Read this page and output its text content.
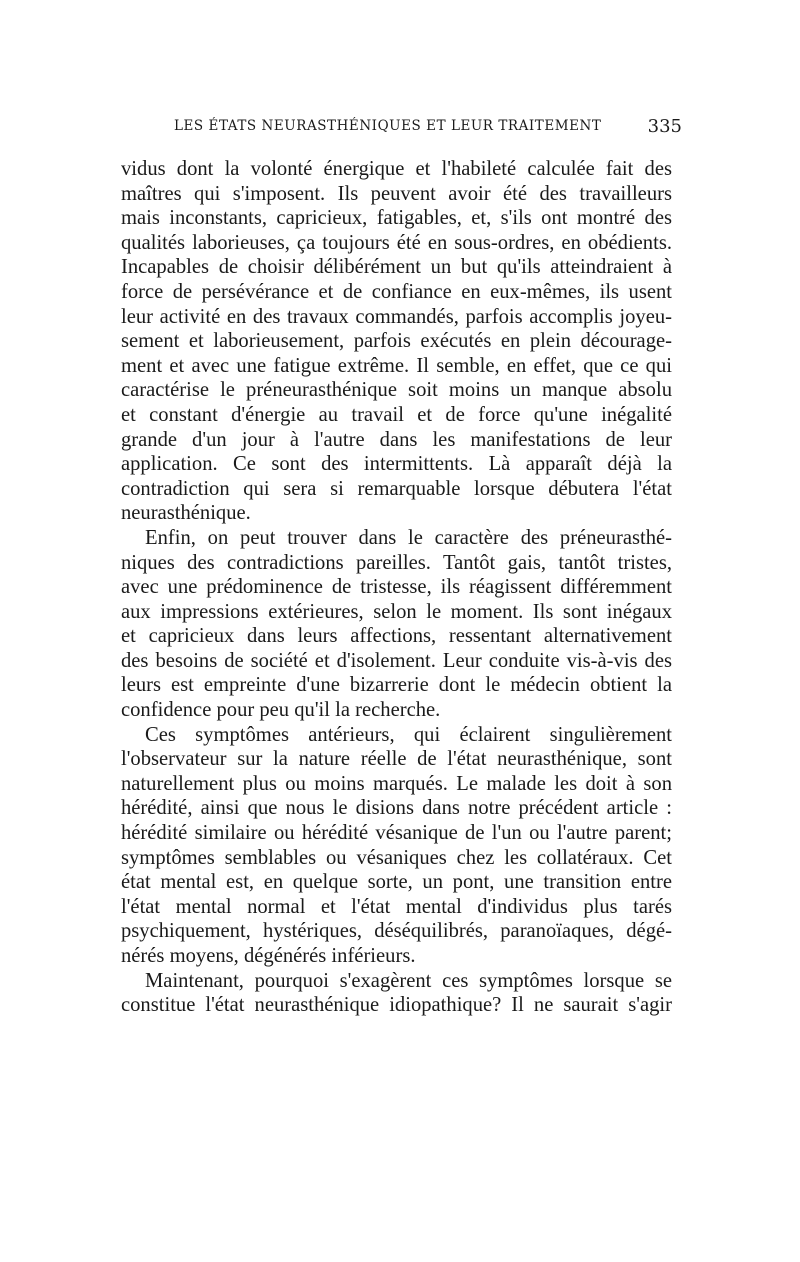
LES ÉTATS NEURASTHÉNIQUES ET LEUR TRAITEMENT	335
vidus dont la volonté énergique et l'habileté calculée fait des
maîtres qui s'imposent. Ils peuvent avoir été des travailleurs
mais inconstants, capricieux, fatigables, et, s'ils ont montré des
qualités laborieuses, ça toujours été en sous-ordres, en obédients.
Incapables de choisir délibérément un but qu'ils atteindraient à
force de persévérance et de confiance en eux-mêmes, ils usent
leur activité en des travaux commandés, parfois accomplis joyeu-
sement et laborieusement, parfois exécutés en plein décourage-
ment et avec une fatigue extrême. Il semble, en effet, que ce qui
caractérise le préneurasthénique soit moins un manque absolu
et constant d'énergie au travail et de force qu'une inégalité
grande d'un jour à l'autre dans les manifestations de leur
application. Ce sont des intermittents. Là apparaît déjà la
contradiction qui sera si remarquable lorsque débutera l'état
neurasthénique.
Enfin, on peut trouver dans le caractère des préneurasthé-
niques des contradictions pareilles. Tantôt gais, tantôt tristes,
avec une prédominence de tristesse, ils réagissent différemment
aux impressions extérieures, selon le moment. Ils sont inégaux
et capricieux dans leurs affections, ressentant alternativement
des besoins de société et d'isolement. Leur conduite vis-à-vis des
leurs est empreinte d'une bizarrerie dont le médecin obtient la
confidence pour peu qu'il la recherche.
Ces symptômes antérieurs, qui éclairent singulièrement
l'observateur sur la nature réelle de l'état neurasthénique, sont
naturellement plus ou moins marqués. Le malade les doit à son
hérédité, ainsi que nous le disions dans notre précédent article :
hérédité similaire ou hérédité vésanique de l'un ou l'autre parent;
symptômes semblables ou vésaniques chez les collatéraux. Cet
état mental est, en quelque sorte, un pont, une transition entre
l'état mental normal et l'état mental d'individus plus tarés
psychiquement, hystériques, déséquilibrés, paranoïaques, dégé-
nérés moyens, dégénérés inférieurs.
Maintenant, pourquoi s'exagèrent ces symptômes lorsque se
constitue l'état neurasthénique idiopathique? Il ne saurait s'agir
